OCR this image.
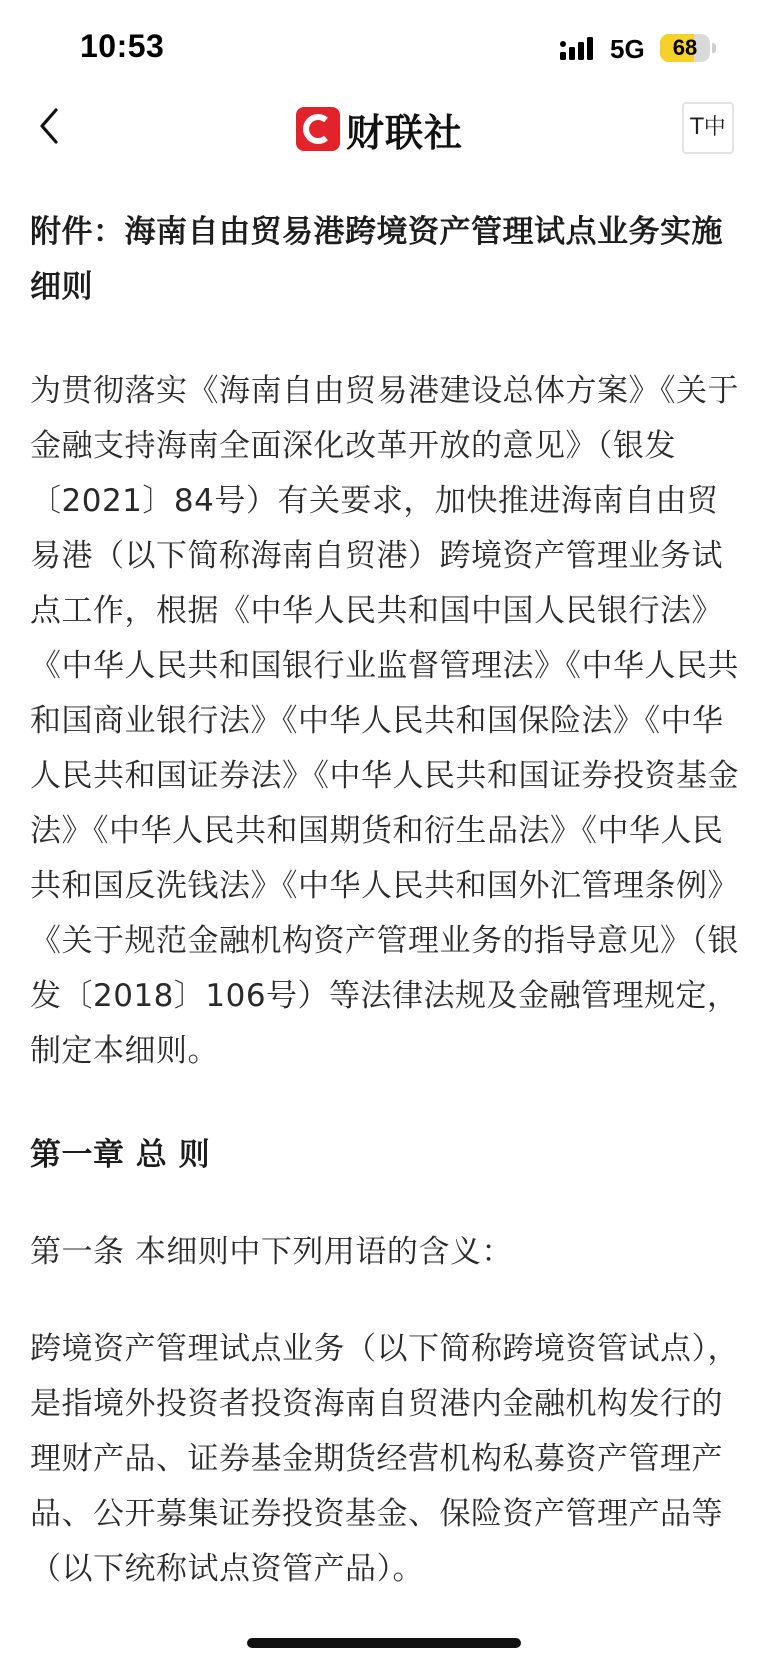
10:53	5G	68
财联社	T中

附件：海南自由贸易港跨境资产管理试点业务实施细则

为贯彻落实《海南自由贸易港建设总体方案》《关于金融支持海南全面深化改革开放的意见》（银发〔2021〕84号）有关要求，加快推进海南自由贸易港（以下简称海南自贸港）跨境资产管理业务试点工作，根据《中华人民共和国中国人民银行法》《中华人民共和国银行业监督管理法》《中华人民共和国商业银行法》《中华人民共和国保险法》《中华人民共和国证券法》《中华人民共和国证券投资基金法》《中华人民共和国期货和衍生品法》《中华人民共和国反洗钱法》《中华人民共和国外汇管理条例》《关于规范金融机构资产管理业务的指导意见》（银发〔2018〕106号）等法律法规及金融管理规定，制定本细则。

第一章 总 则

第一条 本细则中下列用语的含义：

跨境资产管理试点业务（以下简称跨境资管试点），是指境外投资者投资海南自贸港内金融机构发行的理财产品、证券基金期货经营机构私募资产管理产品、公开募集证券投资基金、保险资产管理产品等（以下统称试点资管产品）。
